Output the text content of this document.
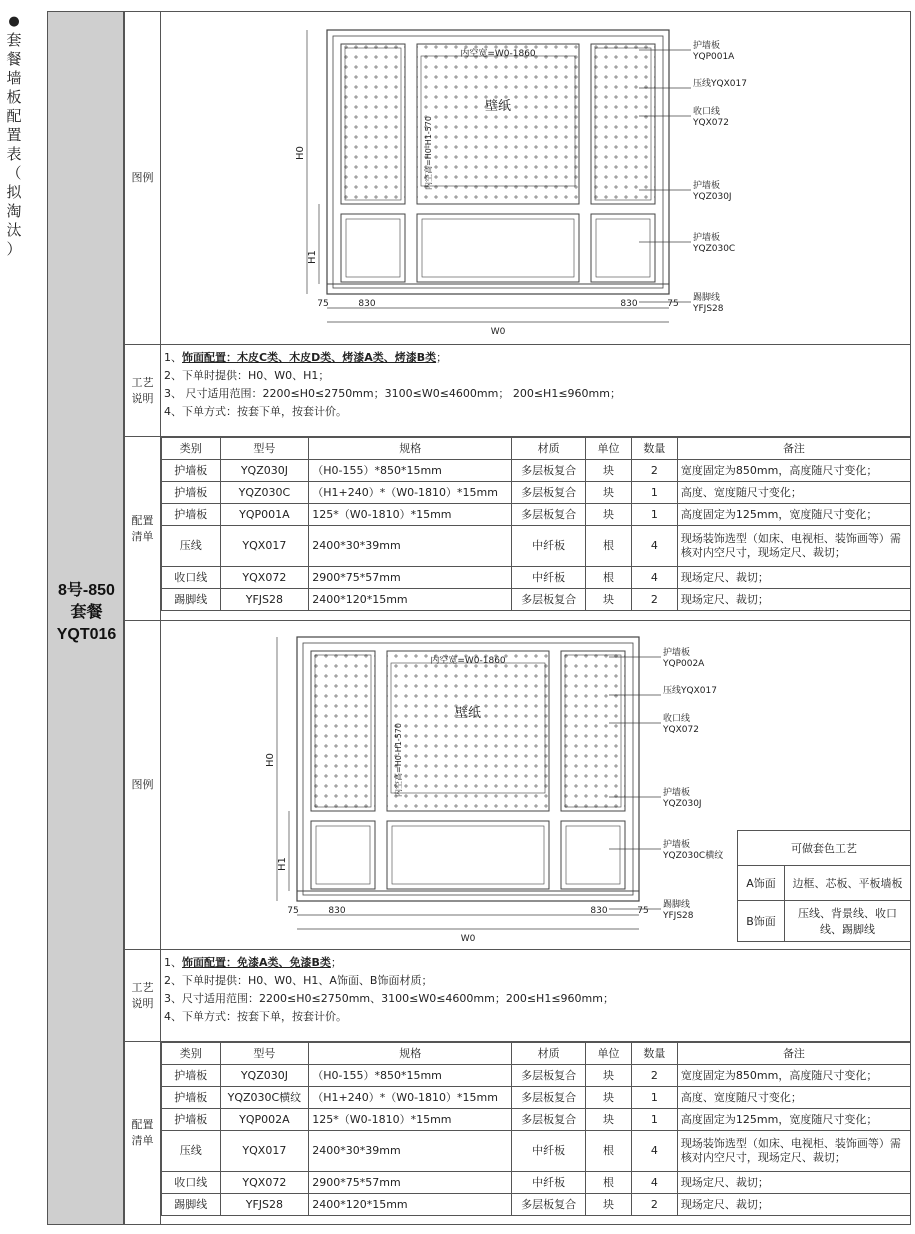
●
套
餐
墙
板
配
置
表
（
拟
淘
汰
）
8号-850
套餐
YQT016
图例
内空宽=W0-1860
壁纸
内空高=H0-H1-570
H0
H1
75	830	830	75
W0
护墙板
YQP001A
压线YQX017
收口线
YQX072
护墙板
YQZ030J
护墙板
YQZ030C
踢脚线
YFJS28
工艺说明
1、饰面配置：木皮C类、木皮D类、烤漆A类、烤漆B类；
2、下单时提供：H0、W0、H1；
3、 尺寸适用范围：2200≤H0≤2750mm；3100≤W0≤4600mm； 200≤H1≤960mm；
4、下单方式：按套下单，按套计价。
配置清单
类别	型号	规格	材质	单位	数量	备注
护墙板	YQZ030J	（H0-155）*850*15mm	多层板复合	块	2	宽度固定为850mm，高度随尺寸变化；
护墙板	YQZ030C	（H1+240）*（W0-1810）*15mm	多层板复合	块	1	高度、宽度随尺寸变化；
护墙板	YQP001A	125*（W0-1810）*15mm	多层板复合	块	1	高度固定为125mm，宽度随尺寸变化；
压线	YQX017	2400*30*39mm	中纤板	根	4	现场装饰选型（如床、电视柜、装饰画等）需核对内空尺寸，现场定尺、裁切；
收口线	YQX072	2900*75*57mm	中纤板	根	4	现场定尺、裁切；
踢脚线	YFJS28	2400*120*15mm	多层板复合	块	2	现场定尺、裁切；
图例
内空宽=W0-1860
壁纸
内空高=H0-H1-570
H0
H1
75	830	830	75
W0
护墙板
YQP002A
压线YQX017
收口线
YQX072
护墙板
YQZ030J
护墙板
YQZ030C横纹
踢脚线
YFJS28
可做套色工艺	
A饰面	边框、芯板、平板墙板
B饰面	压线、背景线、收口线、踢脚线
工艺说明
1、饰面配置：免漆A类、免漆B类；
2、下单时提供：H0、W0、H1、A饰面、B饰面材质；
3、尺寸适用范围：2200≤H0≤2750mm、3100≤W0≤4600mm；200≤H1≤960mm；
4、下单方式：按套下单，按套计价。
配置清单
类别	型号	规格	材质	单位	数量	备注
护墙板	YQZ030J	（H0-155）*850*15mm	多层板复合	块	2	宽度固定为850mm，高度随尺寸变化；
护墙板	YQZ030C横纹	（H1+240）*（W0-1810）*15mm	多层板复合	块	1	高度、宽度随尺寸变化；
护墙板	YQP002A	125*（W0-1810）*15mm	多层板复合	块	1	高度固定为125mm，宽度随尺寸变化；
压线	YQX017	2400*30*39mm	中纤板	根	4	现场装饰选型（如床、电视柜、装饰画等）需核对内空尺寸，现场定尺、裁切；
收口线	YQX072	2900*75*57mm	中纤板	根	4	现场定尺、裁切；
踢脚线	YFJS28	2400*120*15mm	多层板复合	块	2	现场定尺、裁切；
